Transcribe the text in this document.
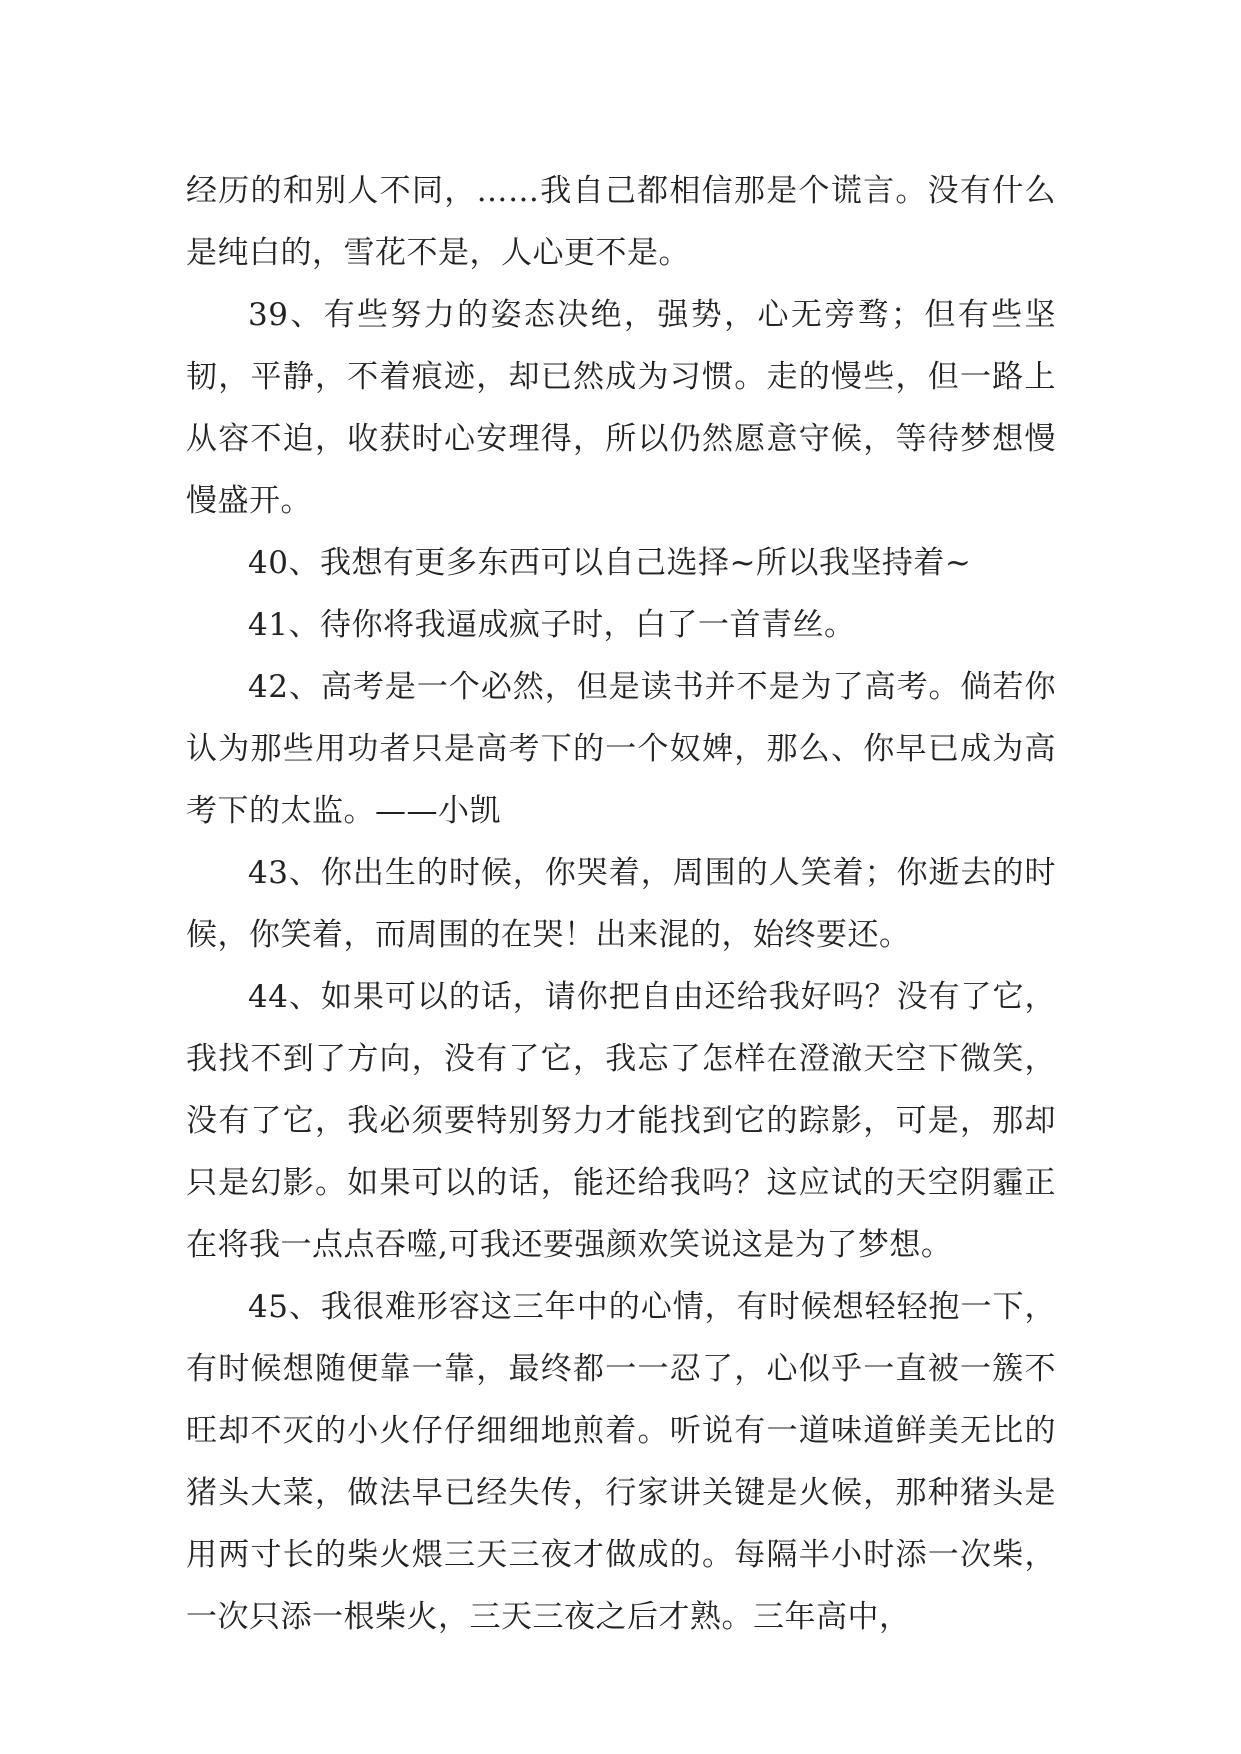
经历的和别人不同，……我自己都相信那是个谎言。没有什么是纯白的，雪花不是，人心更不是。

39、有些努力的姿态决绝，强势，心无旁骛；但有些坚韧，平静，不着痕迹，却已然成为习惯。走的慢些，但一路上从容不迫，收获时心安理得，所以仍然愿意守候，等待梦想慢慢盛开。

40、我想有更多东西可以自己选择~所以我坚持着~

41、待你将我逼成疯子时，白了一首青丝。

42、高考是一个必然，但是读书并不是为了高考。倘若你认为那些用功者只是高考下的一个奴婢，那么、你早已成为高考下的太监。——小凯

43、你出生的时候，你哭着，周围的人笑着；你逝去的时候，你笑着，而周围的在哭！出来混的，始终要还。

44、如果可以的话，请你把自由还给我好吗？没有了它，我找不到了方向，没有了它，我忘了怎样在澄澈天空下微笑，没有了它，我必须要特别努力才能找到它的踪影，可是，那却只是幻影。如果可以的话，能还给我吗？这应试的天空阴霾正在将我一点点吞噬,可我还要强颜欢笑说这是为了梦想。

45、我很难形容这三年中的心情，有时候想轻轻抱一下，有时候想随便靠一靠，最终都一一忍了，心似乎一直被一簇不旺却不灭的小火仔仔细细地煎着。听说有一道味道鲜美无比的猪头大菜，做法早已经失传，行家讲关键是火候，那种猪头是用两寸长的柴火煨三天三夜才做成的。每隔半小时添一次柴，一次只添一根柴火，三天三夜之后才熟。三年高中，
